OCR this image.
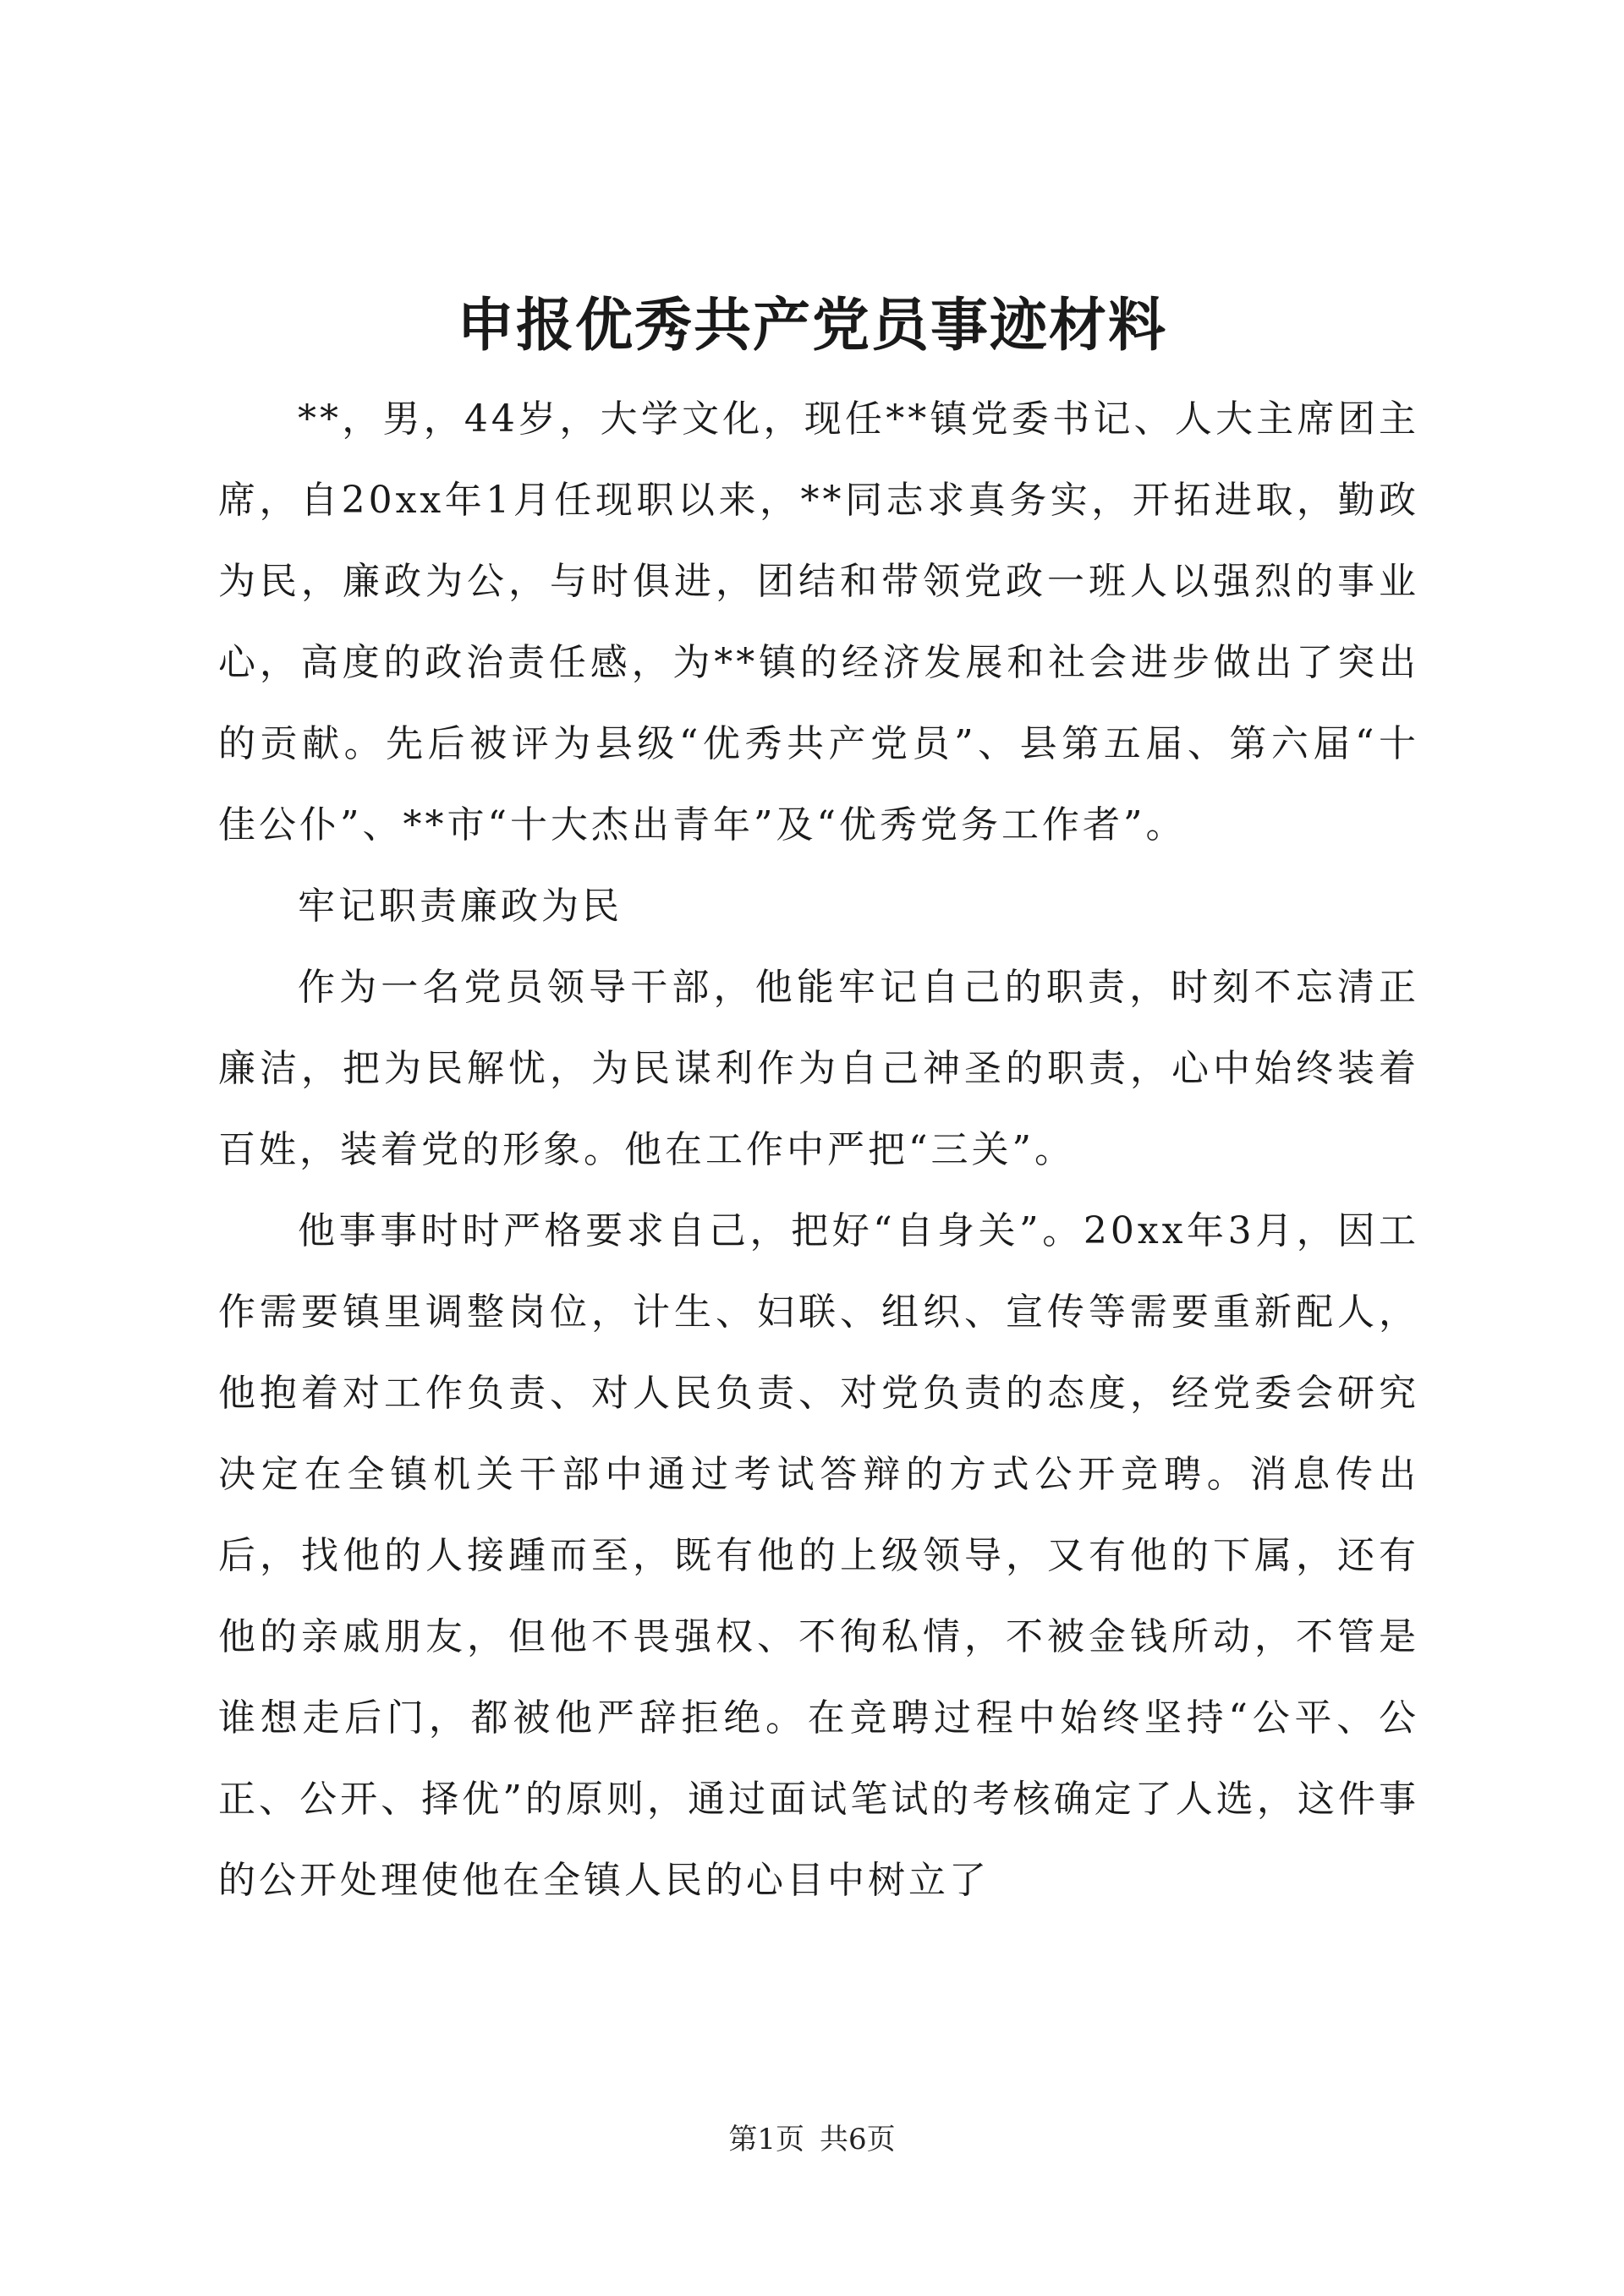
申报优秀共产党员事迹材料

**，男，44岁，大学文化，现任**镇党委书记、人大主席团主席，自20xx年1月任现职以来，**同志求真务实，开拓进取，勤政为民，廉政为公，与时俱进，团结和带领党政一班人以强烈的事业心，高度的政治责任感，为**镇的经济发展和社会进步做出了突出的贡献。先后被评为县级“优秀共产党员”、县第五届、第六届“十佳公仆”、**市“十大杰出青年”及“优秀党务工作者”。

牢记职责廉政为民

作为一名党员领导干部，他能牢记自己的职责，时刻不忘清正廉洁，把为民解忧，为民谋利作为自己神圣的职责，心中始终装着百姓，装着党的形象。他在工作中严把“三关”。

他事事时时严格要求自己，把好“自身关”。20xx年3月，因工作需要镇里调整岗位，计生、妇联、组织、宣传等需要重新配人，他抱着对工作负责、对人民负责、对党负责的态度，经党委会研究决定在全镇机关干部中通过考试答辩的方式公开竞聘。消息传出后，找他的人接踵而至，既有他的上级领导，又有他的下属，还有他的亲戚朋友，但他不畏强权、不徇私情，不被金钱所动，不管是谁想走后门，都被他严辞拒绝。在竞聘过程中始终坚持“公平、公正、公开、择优”的原则，通过面试笔试的考核确定了人选，这件事的公开处理使他在全镇人民的心目中树立了

第1页 共6页
